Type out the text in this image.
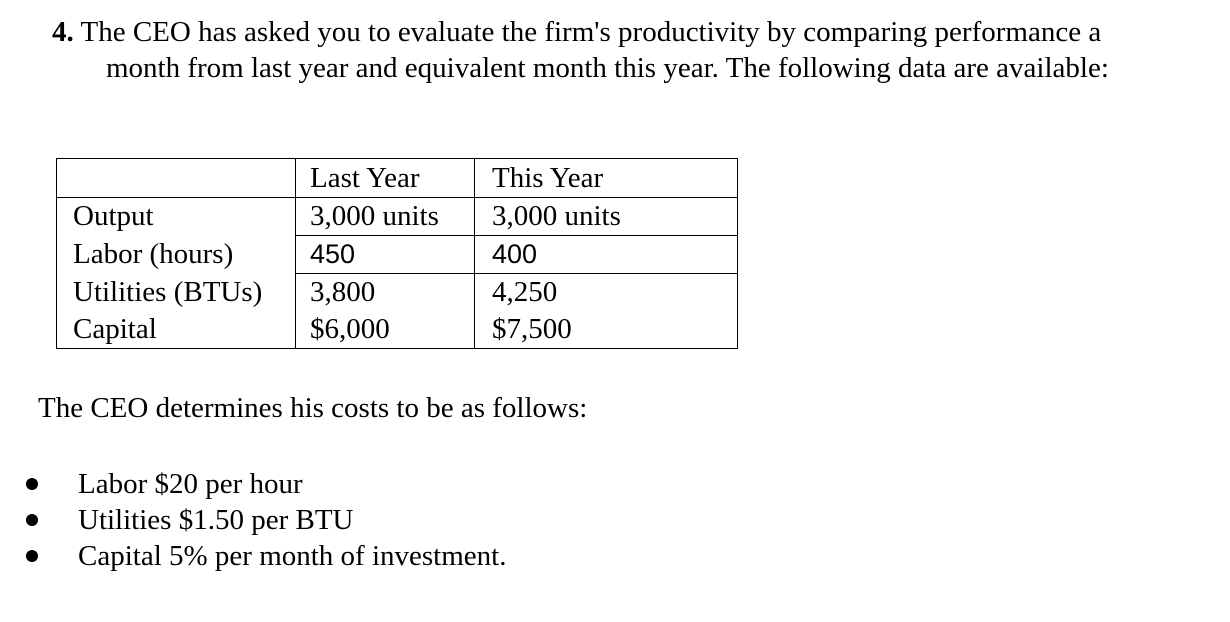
4. The CEO has asked you to evaluate the firm's productivity by comparing performance a
month from last year and equivalent month this year. The following data are available:
	Last Year	This Year
Output	3,000 units	3,000 units
Labor (hours)	450	400
Utilities (BTUs)	3,800	4,250
Capital	$6,000	$7,500
The CEO determines his costs to be as follows:
Labor $20 per hour
Utilities $1.50 per BTU
Capital 5% per month of investment.
